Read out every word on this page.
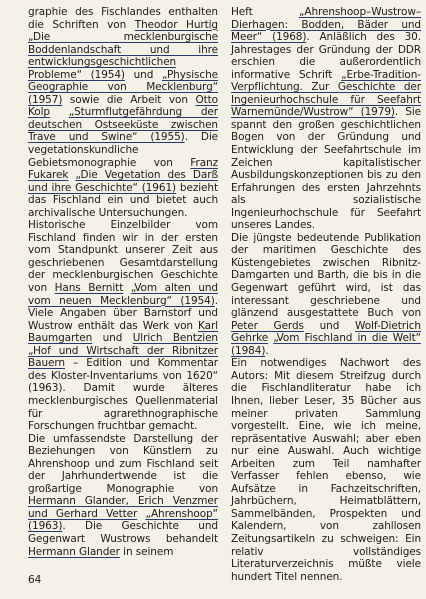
graphie des Fischlandes enthalten die Schriften von Theodor Hurtig „Die mecklenburgische Boddenlandschaft und ihre entwicklungsgeschichtlichen Probleme“ (1954) und „Physische Geographie von Mecklenburg“ (1957) sowie die Arbeit von Otto Kolp „Sturmflutgefährdung der deutschen Ostseeküste zwischen Trave und Swine“ (1955). Die vegetationskundliche Gebietsmonographie von Franz Fukarek „Die Vegetation des Darß und ihre Geschichte“ (1961) bezieht das Fischland ein und bietet auch archivalische Untersuchungen.

Historische Einzelbilder vom Fischland finden wir in der ersten vom Standpunkt unserer Zeit aus geschriebenen Gesamtdarstellung der mecklenburgischen Geschichte von Hans Bernitt „Vom alten und vom neuen Mecklenburg“ (1954). Viele Angaben über Barnstorf und Wustrow enthält das Werk von Karl Baumgarten und Ulrich Bentzien „Hof und Wirtschaft der Ribnitzer Bauern – Edition und Kommentar des Kloster-Inventariums von 1620“ (1963). Damit wurde älteres mecklenburgisches Quellenmaterial für agrarethnographische Forschungen fruchtbar gemacht.

Die umfassendste Darstellung der Beziehungen von Künstlern zu Ahrenshoop und zum Fischland seit der Jahrhundertwende ist die großartige Monographie von Hermann Glander, Erich Venzmer und Gerhard Vetter „Ahrenshoop“ (1963). Die Geschichte und Gegenwart Wustrows behandelt Hermann Glander in seinem

Heft „Ahrenshoop–Wustrow–Dierhagen: Bodden, Bäder und Meer“ (1968). Anläßlich des 30. Jahrestages der Gründung der DDR erschien die außerordentlich informative Schrift „Erbe-Tradition-Verpflichtung. Zur Geschichte der Ingenieurhochschule für Seefahrt Warnemünde/Wustrow“ (1979). Sie spannt den großen geschichtlichen Bogen von der Gründung und Entwicklung der Seefahrtschule im Zeichen kapitalistischer Ausbildungskonzeptionen bis zu den Erfahrungen des ersten Jahrzehnts als sozialistische Ingenieurhochschule für Seefahrt unseres Landes.

Die jüngste bedeutende Publikation der maritimen Geschichte des Küstengebietes zwischen Ribnitz-Damgarten und Barth, die bis in die Gegenwart geführt wird, ist das interessant geschriebene und glänzend ausgestattete Buch von Peter Gerds und Wolf-Dietrich Gehrke „Vom Fischland in die Welt“ (1984).

Ein notwendiges Nachwort des Autors: Mit diesem Streifzug durch die Fischlandliteratur habe ich Ihnen, lieber Leser, 35 Bücher aus meiner privaten Sammlung vorgestellt. Eine, wie ich meine, repräsentative Auswahl; aber eben nur eine Auswahl. Auch wichtige Arbeiten zum Teil namhafter Verfasser fehlen ebenso, wie Aufsätze in Fachzeitschriften, Jahrbüchern, Heimatblättern, Sammelbänden, Prospekten und Kalendern, von zahllosen Zeitungsartikeln zu schweigen: Ein relativ vollständiges Literaturverzeichnis müßte viele hundert Titel nennen.

64
